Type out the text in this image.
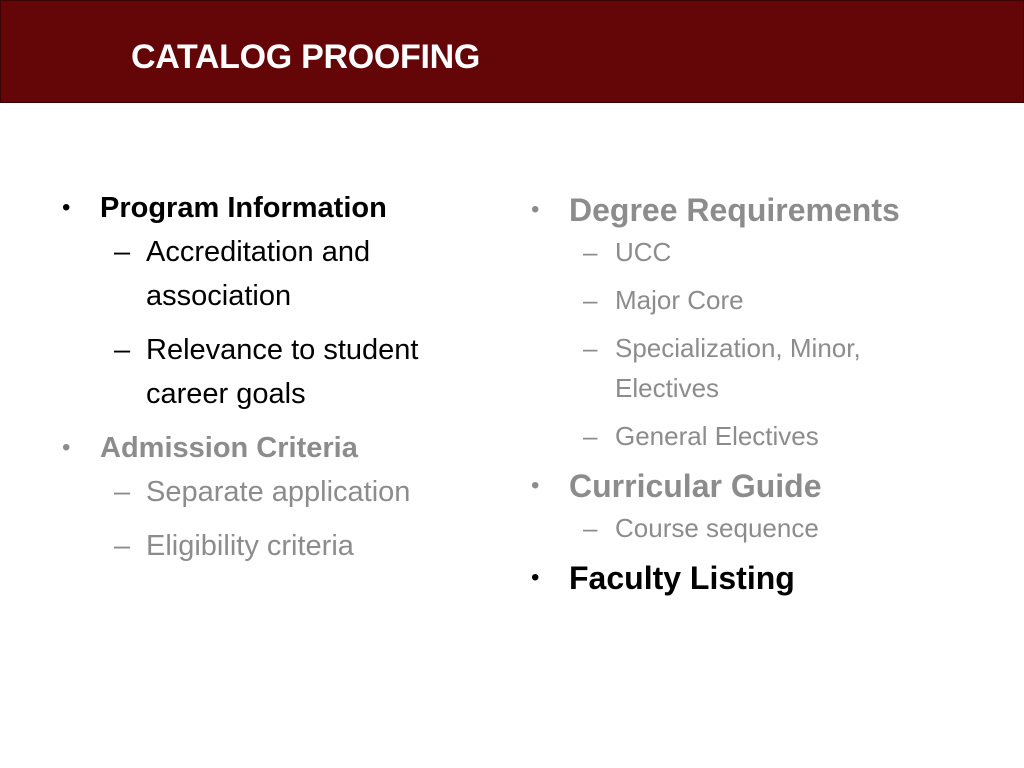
CATALOG PROOFING
• Program Information
– Accreditation and association
– Relevance to student career goals
• Admission Criteria
– Separate application
– Eligibility criteria
• Degree Requirements
– UCC
– Major Core
– Specialization, Minor, Electives
– General Electives
• Curricular Guide
– Course sequence
• Faculty Listing
